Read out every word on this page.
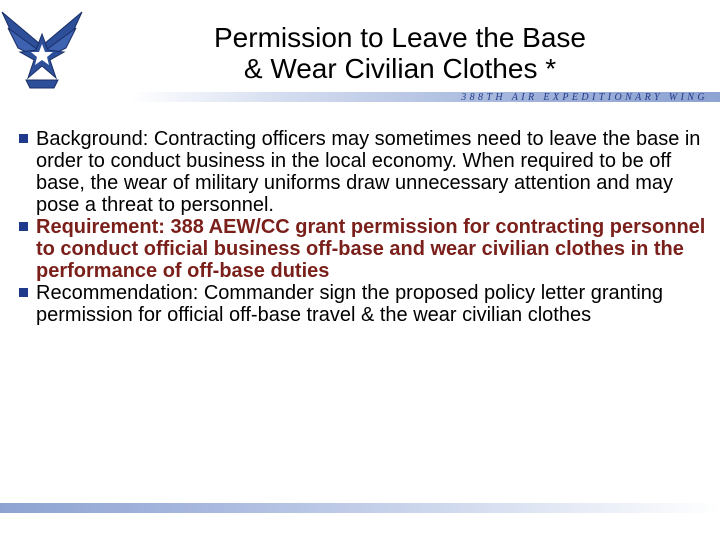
Permission to Leave the Base
& Wear Civilian Clothes *
388TH AIR EXPEDITIONARY WING
Background: Contracting officers may sometimes need to leave the base in order to conduct business in the local economy. When required to be off base, the wear of military uniforms draw unnecessary attention and may pose a threat to personnel.
Requirement: 388 AEW/CC grant permission for contracting personnel to conduct official business off-base and wear civilian clothes in the performance of off-base duties
Recommendation: Commander sign the proposed policy letter granting permission for official off-base travel & the wear civilian clothes
